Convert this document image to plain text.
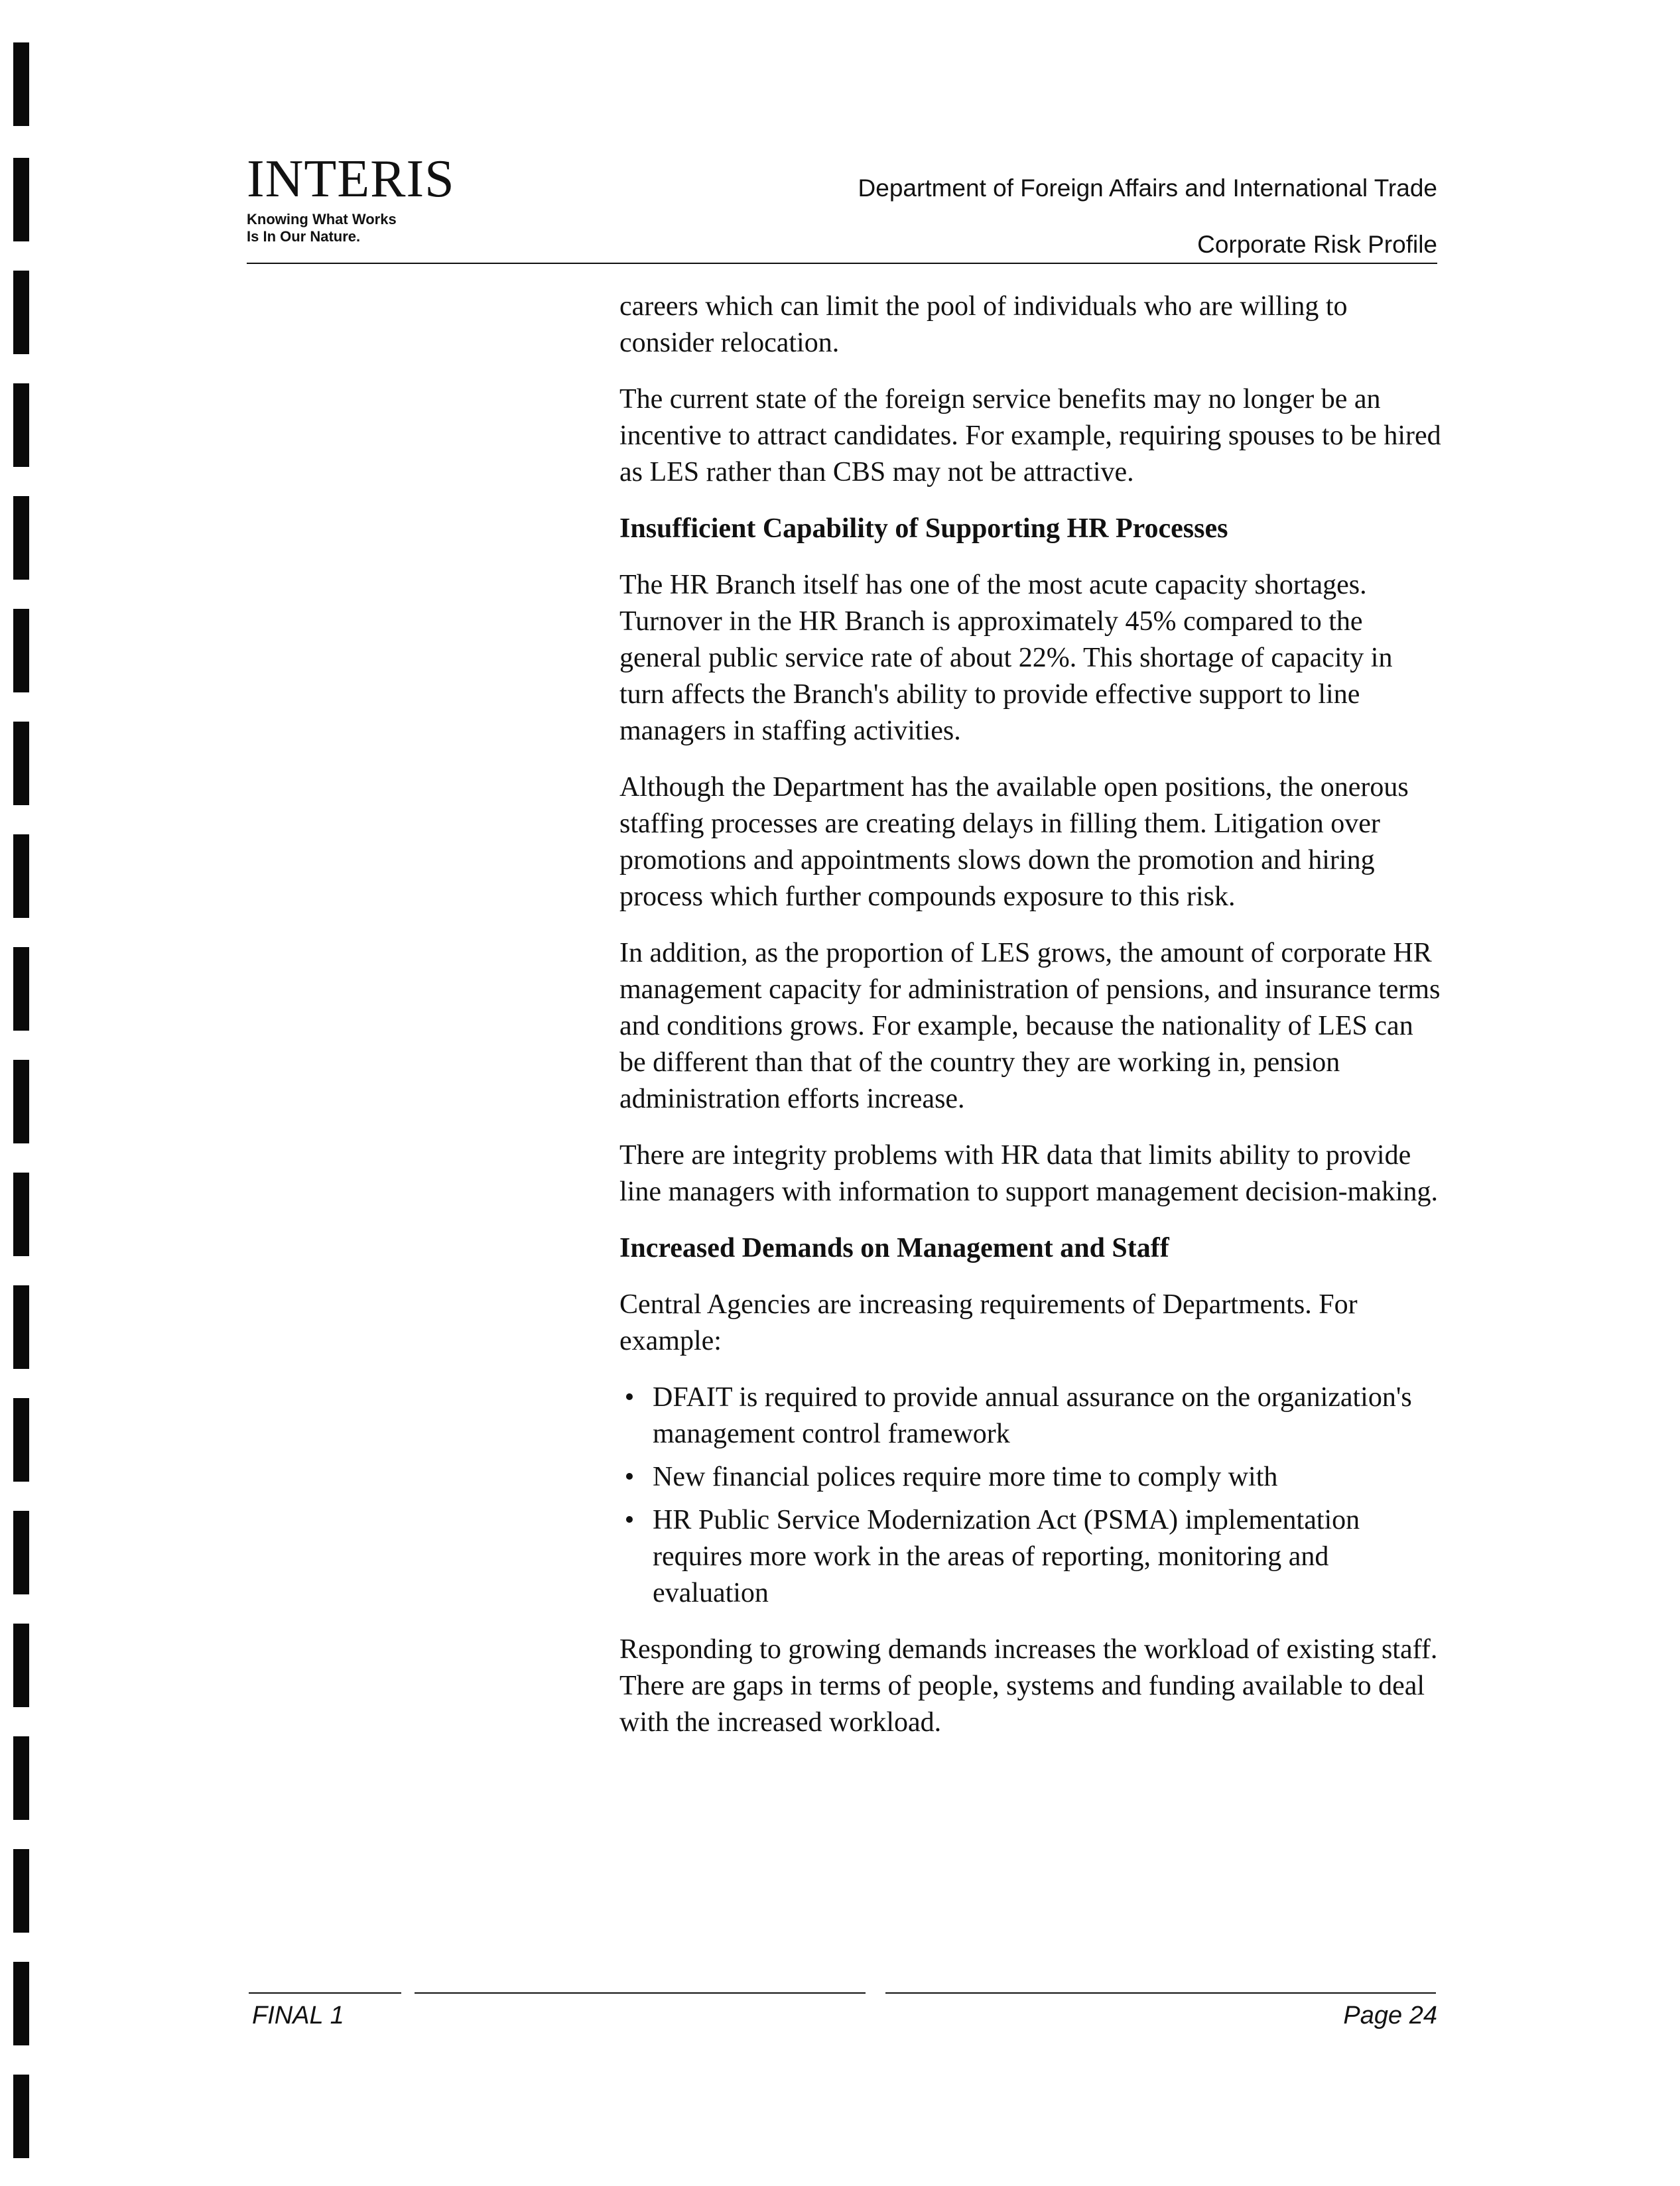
INTERIS
Knowing What Works
Is In Our Nature.
Department of Foreign Affairs and International Trade
Corporate Risk Profile

careers which can limit the pool of individuals who are willing to consider relocation.

The current state of the foreign service benefits may no longer be an incentive to attract candidates. For example, requiring spouses to be hired as LES rather than CBS may not be attractive.

Insufficient Capability of Supporting HR Processes

The HR Branch itself has one of the most acute capacity shortages. Turnover in the HR Branch is approximately 45% compared to the general public service rate of about 22%. This shortage of capacity in turn affects the Branch's ability to provide effective support to line managers in staffing activities.

Although the Department has the available open positions, the onerous staffing processes are creating delays in filling them. Litigation over promotions and appointments slows down the promotion and hiring process which further compounds exposure to this risk.

In addition, as the proportion of LES grows, the amount of corporate HR management capacity for administration of pensions, and insurance terms and conditions grows. For example, because the nationality of LES can be different than that of the country they are working in, pension administration efforts increase.

There are integrity problems with HR data that limits ability to provide line managers with information to support management decision-making.

Increased Demands on Management and Staff

Central Agencies are increasing requirements of Departments. For example:

• DFAIT is required to provide annual assurance on the organization's management control framework
• New financial polices require more time to comply with
• HR Public Service Modernization Act (PSMA) implementation requires more work in the areas of reporting, monitoring and evaluation

Responding to growing demands increases the workload of existing staff. There are gaps in terms of people, systems and funding available to deal with the increased workload.

FINAL 1	Page 24
